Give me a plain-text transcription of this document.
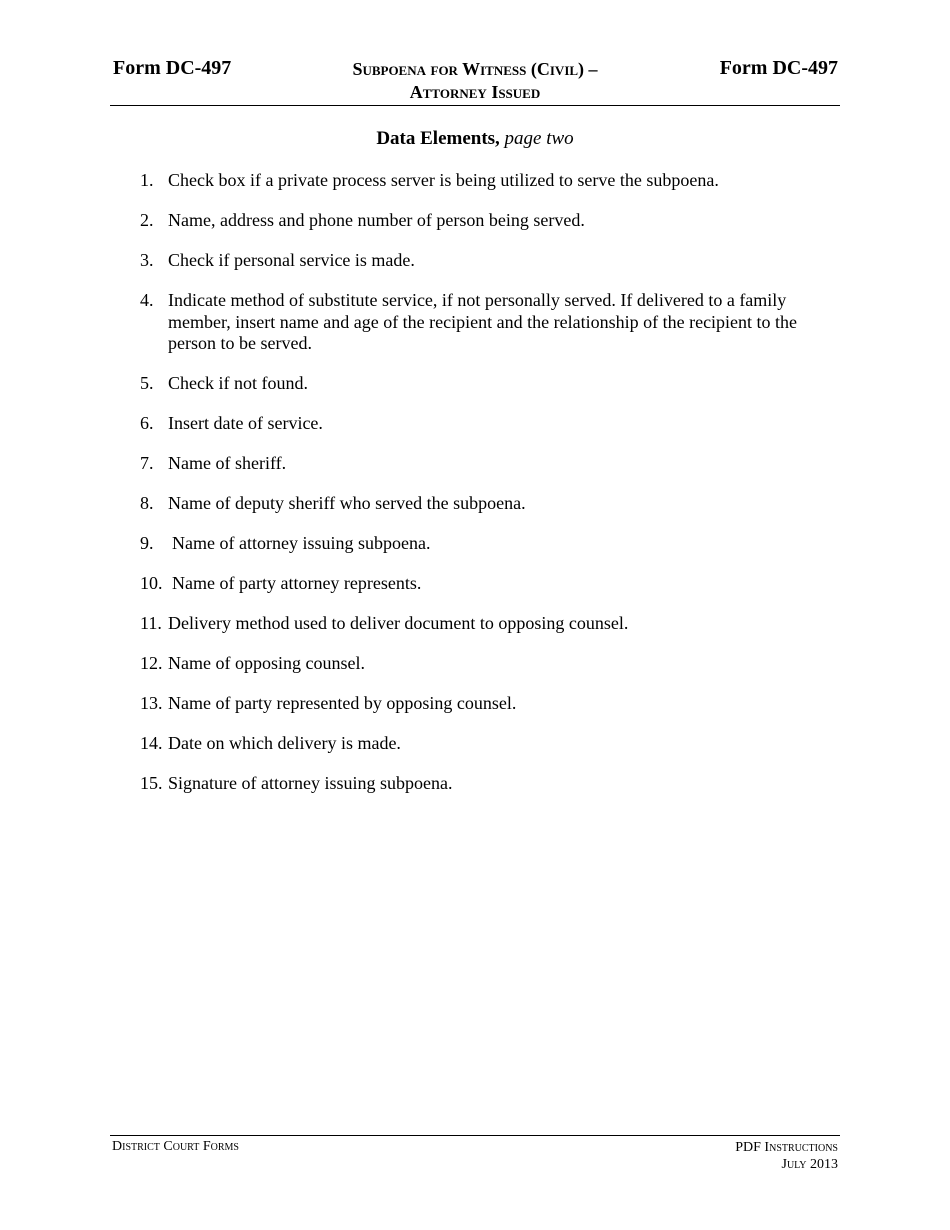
Form DC-497	Subpoena for Witness (Civil) –
Attorney Issued
Form DC-497
Data Elements, page two
1. Check box if a private process server is being utilized to serve the subpoena.
2. Name, address and phone number of person being served.
3. Check if personal service is made.
4. Indicate method of substitute service, if not personally served. If delivered to a family member, insert name and age of the recipient and the relationship of the recipient to the person to be served.
5. Check if not found.
6. Insert date of service.
7. Name of sheriff.
8. Name of deputy sheriff who served the subpoena.
9. Name of attorney issuing subpoena.
10. Name of party attorney represents.
11. Delivery method used to deliver document to opposing counsel.
12. Name of opposing counsel.
13. Name of party represented by opposing counsel.
14. Date on which delivery is made.
15. Signature of attorney issuing subpoena.
District Court Forms	PDF Instructions
July 2013
